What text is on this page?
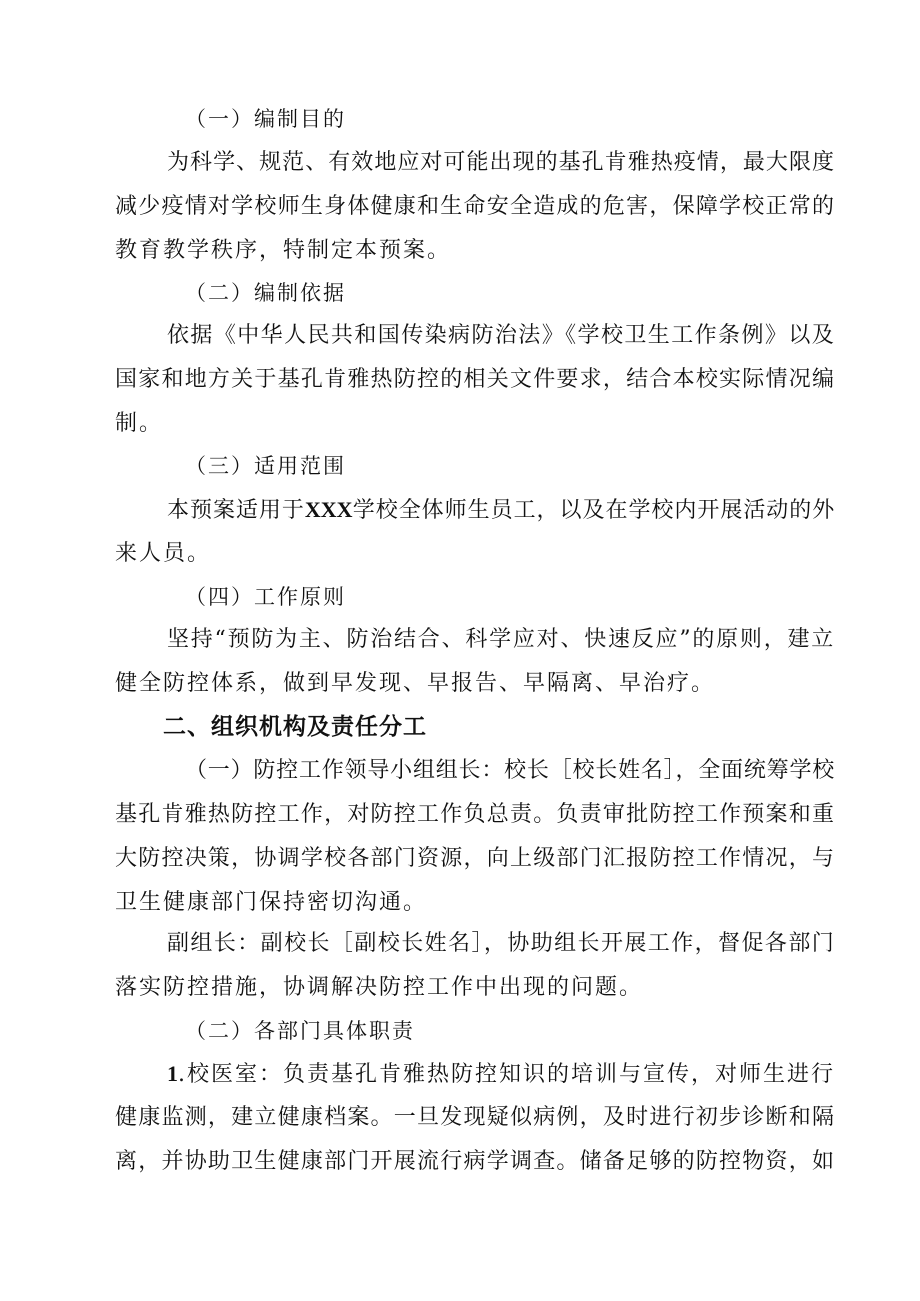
（一）编制目的
为科学、规范、有效地应对可能出现的基孔肯雅热疫情，最大限度
减少疫情对学校师生身体健康和生命安全造成的危害，保障学校正常的
教育教学秩序，特制定本预案。
（二）编制依据
依据《中华人民共和国传染病防治法》《学校卫生工作条例》以及
国家和地方关于基孔肯雅热防控的相关文件要求，结合本校实际情况编
制。
（三）适用范围
本预案适用于XXX学校全体师生员工，以及在学校内开展活动的外
来人员。
（四）工作原则
坚持“预防为主、防治结合、科学应对、快速反应”的原则，建立
健全防控体系，做到早发现、早报告、早隔离、早治疗。
二、组织机构及责任分工
（一）防控工作领导小组组长：校长［校长姓名］，全面统筹学校
基孔肯雅热防控工作，对防控工作负总责。负责审批防控工作预案和重
大防控决策，协调学校各部门资源，向上级部门汇报防控工作情况，与
卫生健康部门保持密切沟通。
副组长：副校长［副校长姓名］，协助组长开展工作，督促各部门
落实防控措施，协调解决防控工作中出现的问题。
（二）各部门具体职责
1.校医室：负责基孔肯雅热防控知识的培训与宣传，对师生进行
健康监测，建立健康档案。一旦发现疑似病例，及时进行初步诊断和隔
离，并协助卫生健康部门开展流行病学调查。储备足够的防控物资，如
